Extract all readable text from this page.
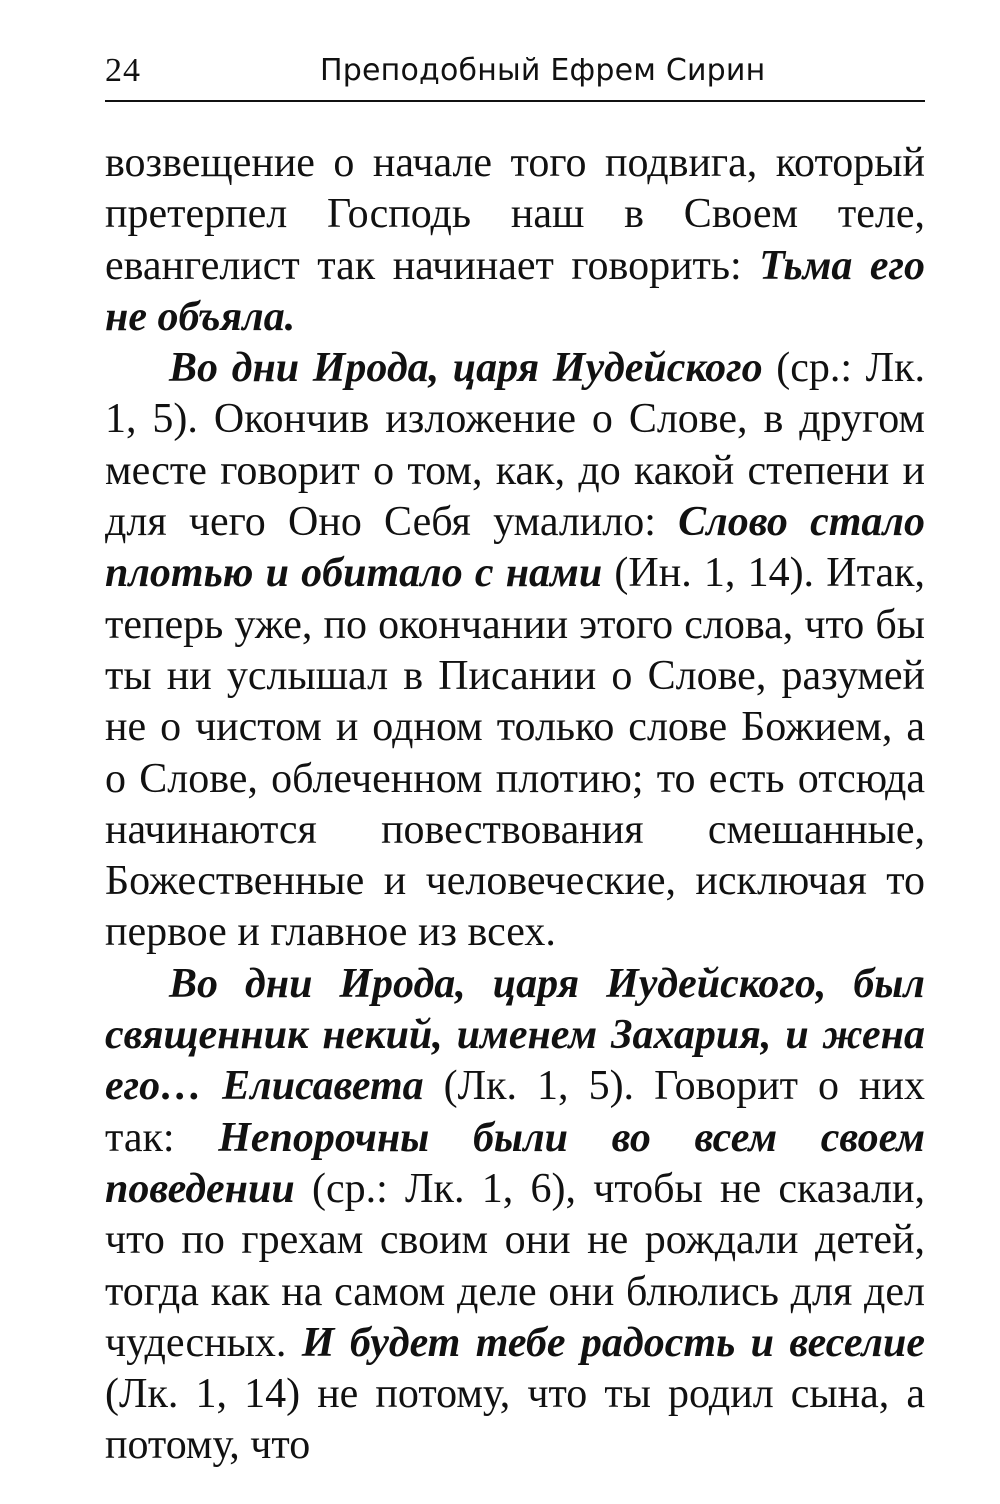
24	Преподобный Ефрем Сирин

возвещение о начале того подвига, который претерпел Господь наш в Своем теле, евангелист так начинает говорить: Тьма его не объяла.

Во дни Ирода, царя Иудейского (ср.: Лк. 1, 5). Окончив изложение о Слове, в другом месте говорит о том, как, до какой степени и для чего Оно Себя умалило: Слово стало плотью и обитало с нами (Ин. 1, 14). Итак, теперь уже, по окончании этого слова, что бы ты ни услышал в Писании о Слове, разумей не о чистом и одном только слове Божием, а о Слове, облеченном плотию; то есть отсюда начинаются повествования смешанные, Божественные и человеческие, исключая то первое и главное из всех.

Во дни Ирода, царя Иудейского, был священник некий, именем Захария, и жена его… Елисавета (Лк. 1, 5). Говорит о них так: Непорочны были во всем своем поведении (ср.: Лк. 1, 6), чтобы не сказали, что по грехам своим они не рождали детей, тогда как на самом деле они блюлись для дел чудесных. И будет тебе радость и веселие (Лк. 1, 14) не потому, что ты родил сына, а потому, что
